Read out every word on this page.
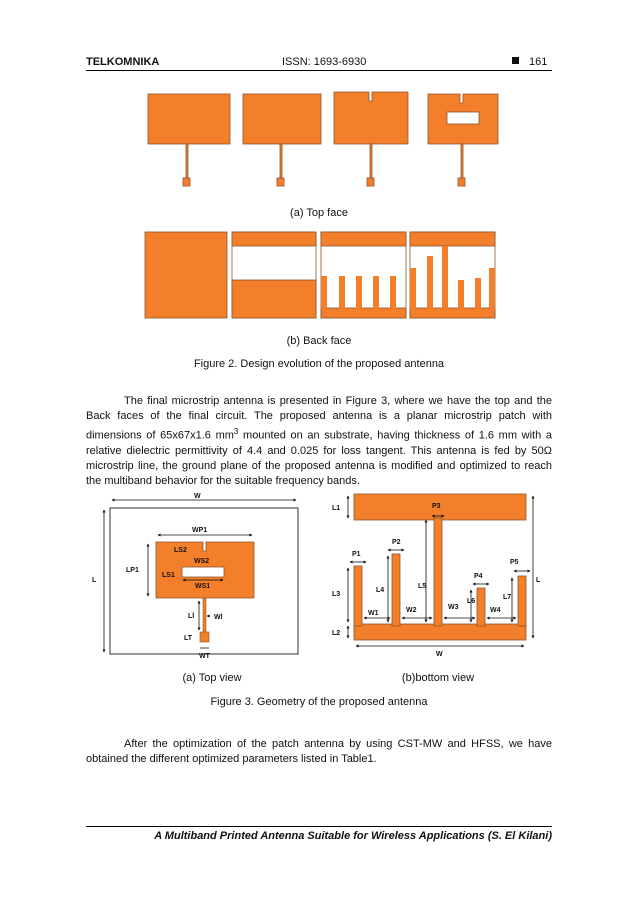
TELKOMNIKA	ISSN: 1693-6930	161
(a) Top face
(b) Back face
Figure 2. Design evolution of the proposed antenna

The final microstrip antenna is presented in Figure 3, where we have the top and the Back faces of the final circuit. The proposed antenna is a planar microstrip patch with dimensions of 65x67x1.6 $mm^3$ mounted on an substrate, having thickness of 1.6 mm with a relative dielectric permittivity of 4.4 and 0.025 for loss tangent. This antenna is fed by 50Ω microstrip line, the ground plane of the proposed antenna is modified and optimized to reach the multiband behavior for the suitable frequency bands.

W
L
WP1
LP1
LS2
WS2
LS1
WS1
Ll	Wl
LT
WT
L1	P3
P2
P1
P5
P4
L
L3
L4
L5
L6
L7
W1	W2	W3	W4
L2
W
(a) Top view	(b)bottom view
Figure 3. Geometry of the proposed antenna

After the optimization of the patch antenna by using CST-MW and HFSS, we have obtained the different optimized parameters listed in Table1.

A Multiband Printed Antenna Suitable for Wireless Applications (S. El Kilani)
